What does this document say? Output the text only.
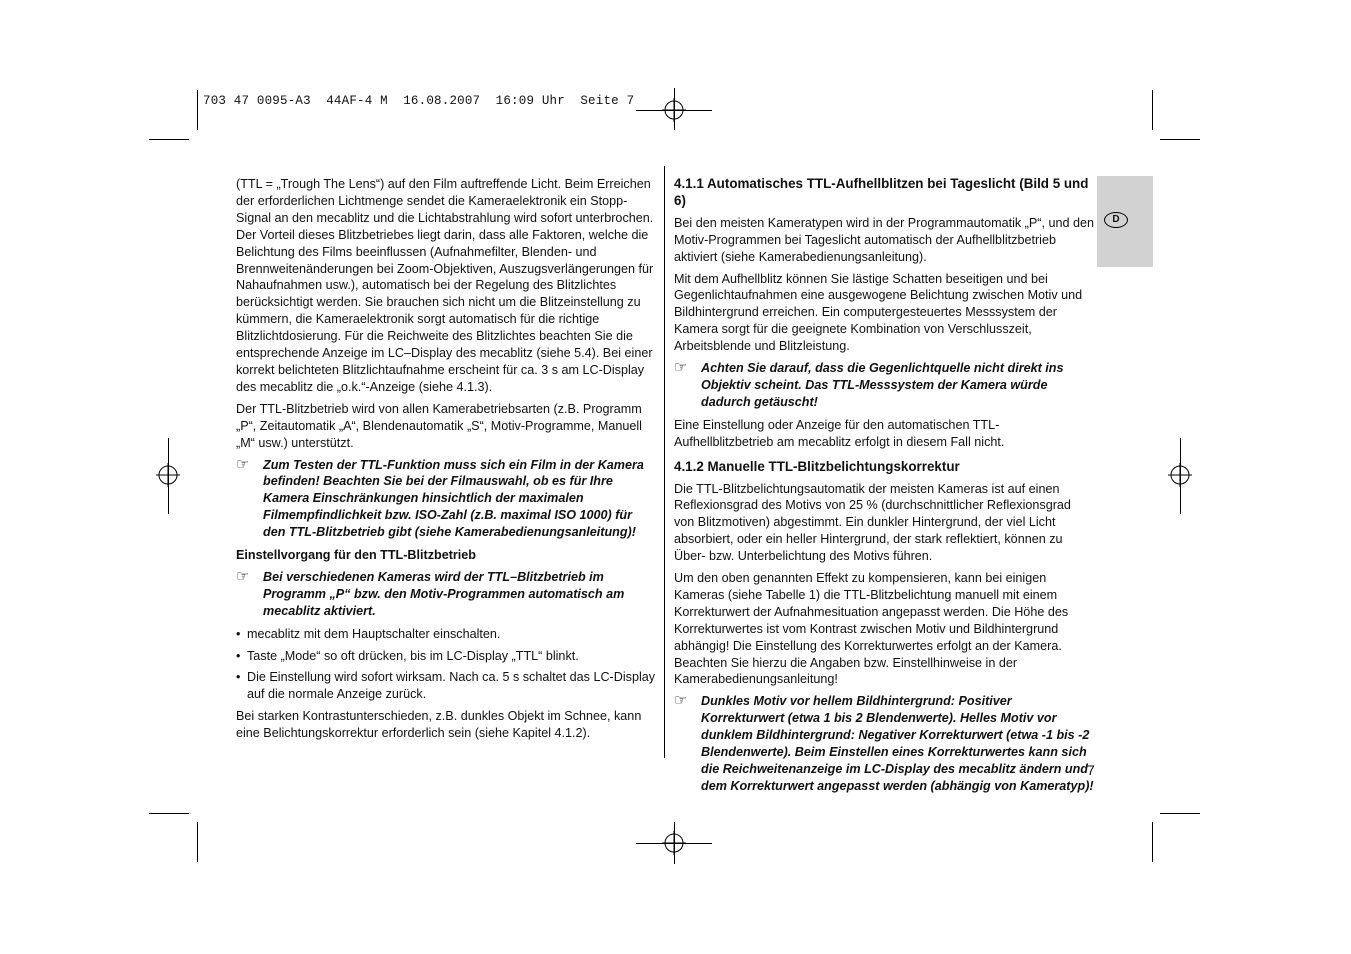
703 47 0095-A3  44AF-4 M  16.08.2007  16:09 Uhr  Seite 7
D

(TTL = „Trough The Lens“) auf den Film auftreffende Licht. Beim Erreichen der erforderlichen Lichtmenge sendet die Kameraelektronik ein Stopp-Signal an den mecablitz und die Lichtabstrahlung wird sofort unterbrochen. Der Vorteil dieses Blitzbetriebes liegt darin, dass alle Faktoren, welche die Belichtung des Films beeinflussen (Aufnahmefilter, Blenden- und Brennweitenänderungen bei Zoom-Objektiven, Auszugsverlängerungen für Nahaufnahmen usw.), automatisch bei der Regelung des Blitzlichtes berücksichtigt werden. Sie brauchen sich nicht um die Blitzeinstellung zu kümmern, die Kameraelektronik sorgt automatisch für die richtige Blitzlichtdosierung. Für die Reichweite des Blitzlichtes beachten Sie die entsprechende Anzeige im LC–Display des mecablitz (siehe 5.4). Bei einer korrekt belichteten Blitzlichtaufnahme erscheint für ca. 3 s am LC-Display des mecablitz die „o.k.“-Anzeige (siehe 4.1.3).

Der TTL-Blitzbetrieb wird von allen Kamerabetriebsarten (z.B. Programm „P“, Zeitautomatik „A“, Blendenautomatik „S“, Motiv-Programme, Manuell „M“ usw.) unterstützt.

☞	Zum Testen der TTL-Funktion muss sich ein Film in der Kamera befinden! Beachten Sie bei der Filmauswahl, ob es für Ihre Kamera Einschränkungen hinsichtlich der maximalen Filmempfindlichkeit bzw. ISO-Zahl (z.B. maximal ISO 1000) für den TTL-Blitzbetrieb gibt (siehe Kamerabedienungsanleitung)!

Einstellvorgang für den TTL-Blitzbetrieb

☞	Bei verschiedenen Kameras wird der TTL–Blitzbetrieb im Programm „P“ bzw. den Motiv-Programmen automatisch am mecablitz aktiviert.
• mecablitz mit dem Hauptschalter einschalten.
• Taste „Mode“ so oft drücken, bis im LC-Display „TTL“ blinkt.
• Die Einstellung wird sofort wirksam. Nach ca. 5 s schaltet das LC-Display auf die normale Anzeige zurück.

Bei starken Kontrastunterschieden, z.B. dunkles Objekt im Schnee, kann eine Belichtungskorrektur erforderlich sein (siehe Kapitel 4.1.2).

4.1.1 Automatisches TTL-Aufhellblitzen bei Tageslicht (Bild 5 und 6)

Bei den meisten Kameratypen wird in der Programmautomatik „P“, und den Motiv-Programmen bei Tageslicht automatisch der Aufhellblitzbetrieb aktiviert (siehe Kamerabedienungsanleitung).

Mit dem Aufhellblitz können Sie lästige Schatten beseitigen und bei Gegenlichtaufnahmen eine ausgewogene Belichtung zwischen Motiv und Bildhintergrund erreichen. Ein computergesteuertes Messsystem der Kamera sorgt für die geeignete Kombination von Verschlusszeit, Arbeitsblende und Blitzleistung.

☞	Achten Sie darauf, dass die Gegenlichtquelle nicht direkt ins Objektiv scheint. Das TTL-Messsystem der Kamera würde dadurch getäuscht!

Eine Einstellung oder Anzeige für den automatischen TTL-Aufhellblitzbetrieb am mecablitz erfolgt in diesem Fall nicht.

4.1.2 Manuelle TTL-Blitzbelichtungskorrektur

Die TTL-Blitzbelichtungsautomatik der meisten Kameras ist auf einen Reflexionsgrad des Motivs von 25 % (durchschnittlicher Reflexionsgrad von Blitzmotiven) abgestimmt. Ein dunkler Hintergrund, der viel Licht absorbiert, oder ein heller Hintergrund, der stark reflektiert, können zu Über- bzw. Unterbelichtung des Motivs führen.

Um den oben genannten Effekt zu kompensieren, kann bei einigen Kameras (siehe Tabelle 1) die TTL-Blitzbelichtung manuell mit einem Korrekturwert der Aufnahmesituation angepasst werden. Die Höhe des Korrekturwertes ist vom Kontrast zwischen Motiv und Bildhintergrund abhängig! Die Einstellung des Korrekturwertes erfolgt an der Kamera. Beachten Sie hierzu die Angaben bzw. Einstellhinweise in der Kamerabedienungsanleitung!

☞	Dunkles Motiv vor hellem Bildhintergrund: Positiver Korrekturwert (etwa 1 bis 2 Blendenwerte). Helles Motiv vor dunklem Bildhintergrund: Negativer Korrekturwert (etwa -1 bis -2 Blendenwerte). Beim Einstellen eines Korrekturwertes kann sich die Reichweitenanzeige im LC-Display des mecablitz ändern und dem Korrekturwert angepasst werden (abhängig von Kameratyp)!
7
